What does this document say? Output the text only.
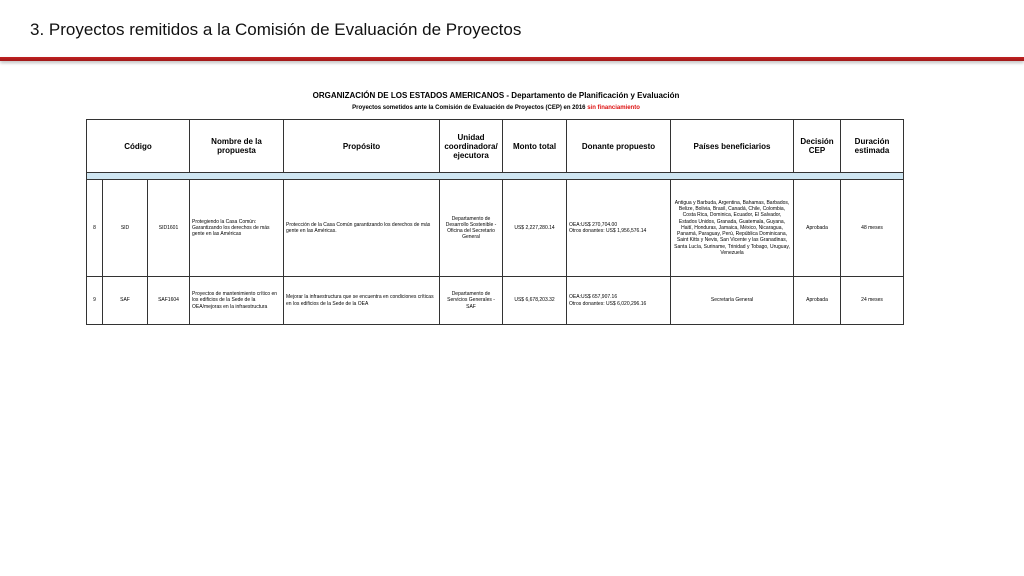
3. Proyectos remitidos a la Comisión de Evaluación de Proyectos
ORGANIZACIÓN DE LOS ESTADOS AMERICANOS - Departamento de Planificación y Evaluación
Proyectos sometidos ante la Comisión de Evaluación de Proyectos (CEP) en 2016 sin financiamiento
Código			Nombre de la propuesta	Propósito	Unidad coordinadora/ ejecutora	Monto total	Donante propuesto	Países beneficiarios	Decisión CEP	Duración estimada

8	SID	SID1601	Protegiendo la Casa Común: Garantizando los derechos de más gente en las Américas	Protección de la Casa Común garantizando los derechos de más gente en las Américas.	Departamento de Desarrollo Sostenible - Oficina del Secretario General	US$ 2,227,280.14	OEA:US$ 270,704.00
Otros donantes: US$ 1,956,576.14	Antigua y Barbuda, Argentina, Bahamas, Barbados, Belize, Bolivia, Brasil, Canadá, Chile, Colombia, Costa Rica, Dominica, Ecuador, El Salvador, Estados Unidos, Granada, Guatemala, Guyana, Haití, Honduras, Jamaica, México, Nicaragua, Panamá, Paraguay, Perú, República Dominicana, Saint Kitts y Nevis, San Vicente y las Granadinas, Santa Lucía, Suriname, Trinidad y Tobago, Uruguay, Venezuela	Aprobada	48 meses
9	SAF	SAF1604	Proyectos de mantenimiento crítico en los edificios de la Sede de la OEA/mejoras en la infraestructura	Mejorar la infraestructura que se encuentra en condiciones críticas en los edificios de la Sede de la OEA	Departamento de Servicios Generales - SAF	US$ 6,678,203.32	OEA:US$ 657,907.16
Otros donantes: US$ 6,020,296.16	Secretaría General	Aprobada	24 meses
